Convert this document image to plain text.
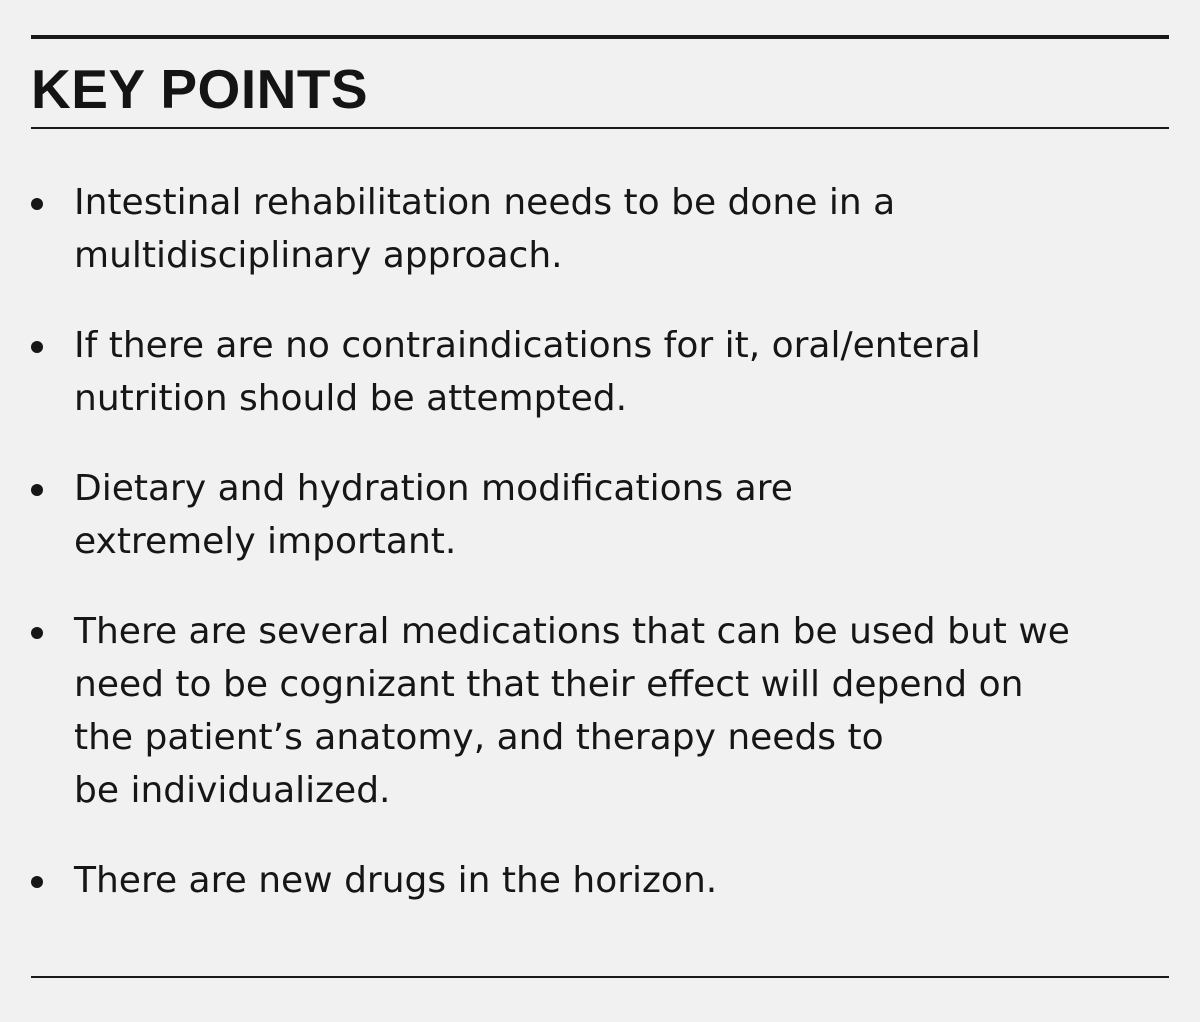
KEY POINTS
Intestinal rehabilitation needs to be done in a
multidisciplinary approach.
If there are no contraindications for it, oral/enteral
nutrition should be attempted.
Dietary and hydration modifications are
extremely important.
There are several medications that can be used but we
need to be cognizant that their effect will depend on
the patient’s anatomy, and therapy needs to
be individualized.
There are new drugs in the horizon.
